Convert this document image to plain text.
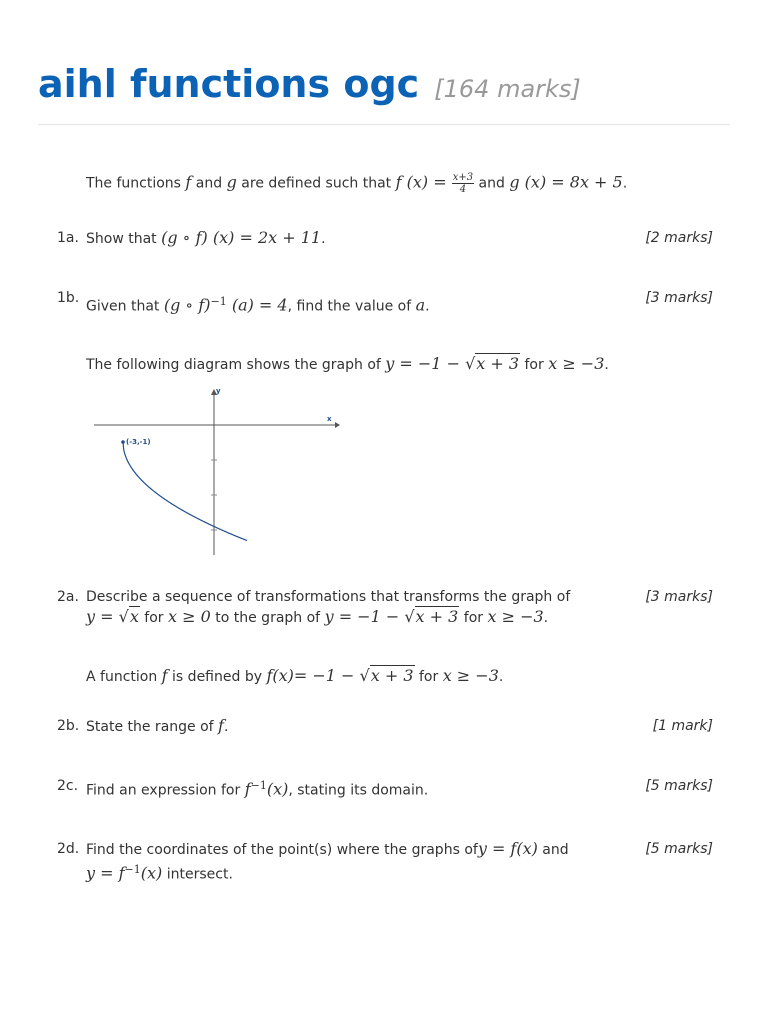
aihl functions ogc [164 marks]
The functions f and g are defined such that f $(x) = \frac{x+3}{4}$ and g (x) = 8x + 5.
1a. Show that (g ∘ f) (x) = 2x + 11.	[2 marks]
1b.
Given that (g ∘ f)$^{-1}$ (a) = 4, find the value of a.
[3 marks]
The following diagram shows the graph of y = −1 − √x + 3 for x ≥ −3.
y
x
(-3,-1)
2a. Describe a sequence of transformations that transforms the graph of
y = √x for x ≥ 0 to the graph of y = −1 − √x + 3 for x ≥ −3.
[3 marks]
A function f is defined by f(x)= −1 − √x + 3 for x ≥ −3.
2b. State the range of f.	[1 mark]
2c. Find an expression for $f^{-1}(x)$, stating its domain.	[5 marks]
2d. Find the coordinates of the point(s) where the graphs ofy = f(x) and
$y = f^{-1}(x)$ intersect.
[5 marks]
